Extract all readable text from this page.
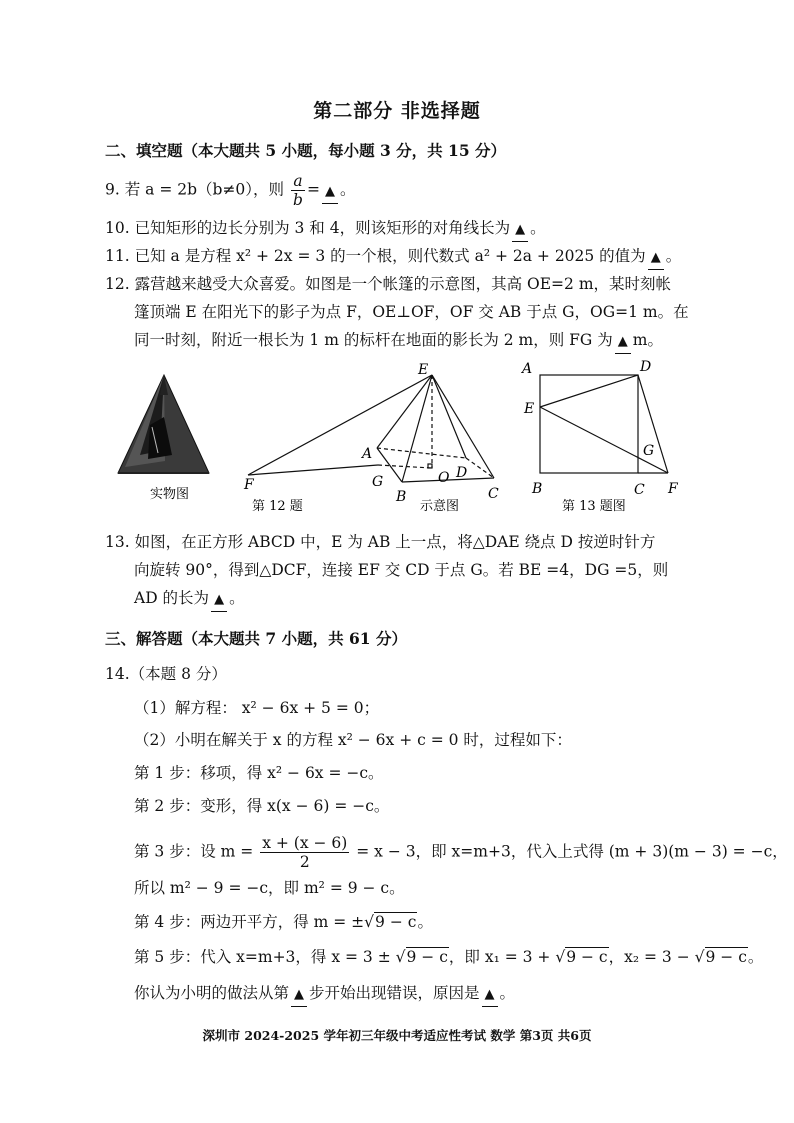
第二部分 非选择题
二、填空题（本大题共 5 小题，每小题 3 分，共 15 分）
9. 若 a = 2b（b≠0），则 $\frac{a}{b}$ = ▲ 。
10. 已知矩形的边长分别为 3 和 4，则该矩形的对角线长为 ▲ 。
11. 已知 a 是方程 x² + 2x = 3 的一个根，则代数式 a² + 2a + 2025 的值为 ▲ 。
12. 露营越来越受大众喜爱。如图是一个帐篷的示意图，其高 OE=2 m，某时刻帐
篷顶端 E 在阳光下的影子为点 F，OE⊥OF，OF 交 AB 于点 G，OG=1 m。在
同一时刻，附近一根长为 1 m 的标杆在地面的影长为 2 m，则 FG 为 ▲ m。
实物图
E
A
G	O D
F
B	C
第 12 题	示意图
A	D
E
G
B	C F
第 13 题图
13. 如图，在正方形 ABCD 中，E 为 AB 上一点，将△DAE 绕点 D 按逆时针方
向旋转 90°，得到△DCF，连接 EF 交 CD 于点 G。若 BE =4，DG =5，则
AD 的长为 ▲ 。
三、解答题（本大题共 7 小题，共 61 分）
14.（本题 8 分）
（1）解方程： x² − 6x + 5 = 0；
（2）小明在解关于 x 的方程 x² − 6x + c = 0 时，过程如下：
第 1 步：移项，得 x² − 6x = −c。
第 2 步：变形，得 x(x − 6) = −c。
第 3 步：设 $m = \frac{x + (x - 6)}{2} = x - 3$，即 x=m+3，代入上式得 (m + 3)(m − 3) = −c，
所以 m² − 9 = −c，即 m² = 9 − c。
第 4 步：两边开平方，得 m = ±√9 − c。
第 5 步：代入 x=m+3，得 x = 3 ± √9 − c，即 x₁ = 3 + √9 − c，x₂ = 3 − √9 − c。
你认为小明的做法从第 ▲ 步开始出现错误，原因是 ▲ 。
深圳市 2024-2025 学年初三年级中考适应性考试 数学 第3页 共6页
